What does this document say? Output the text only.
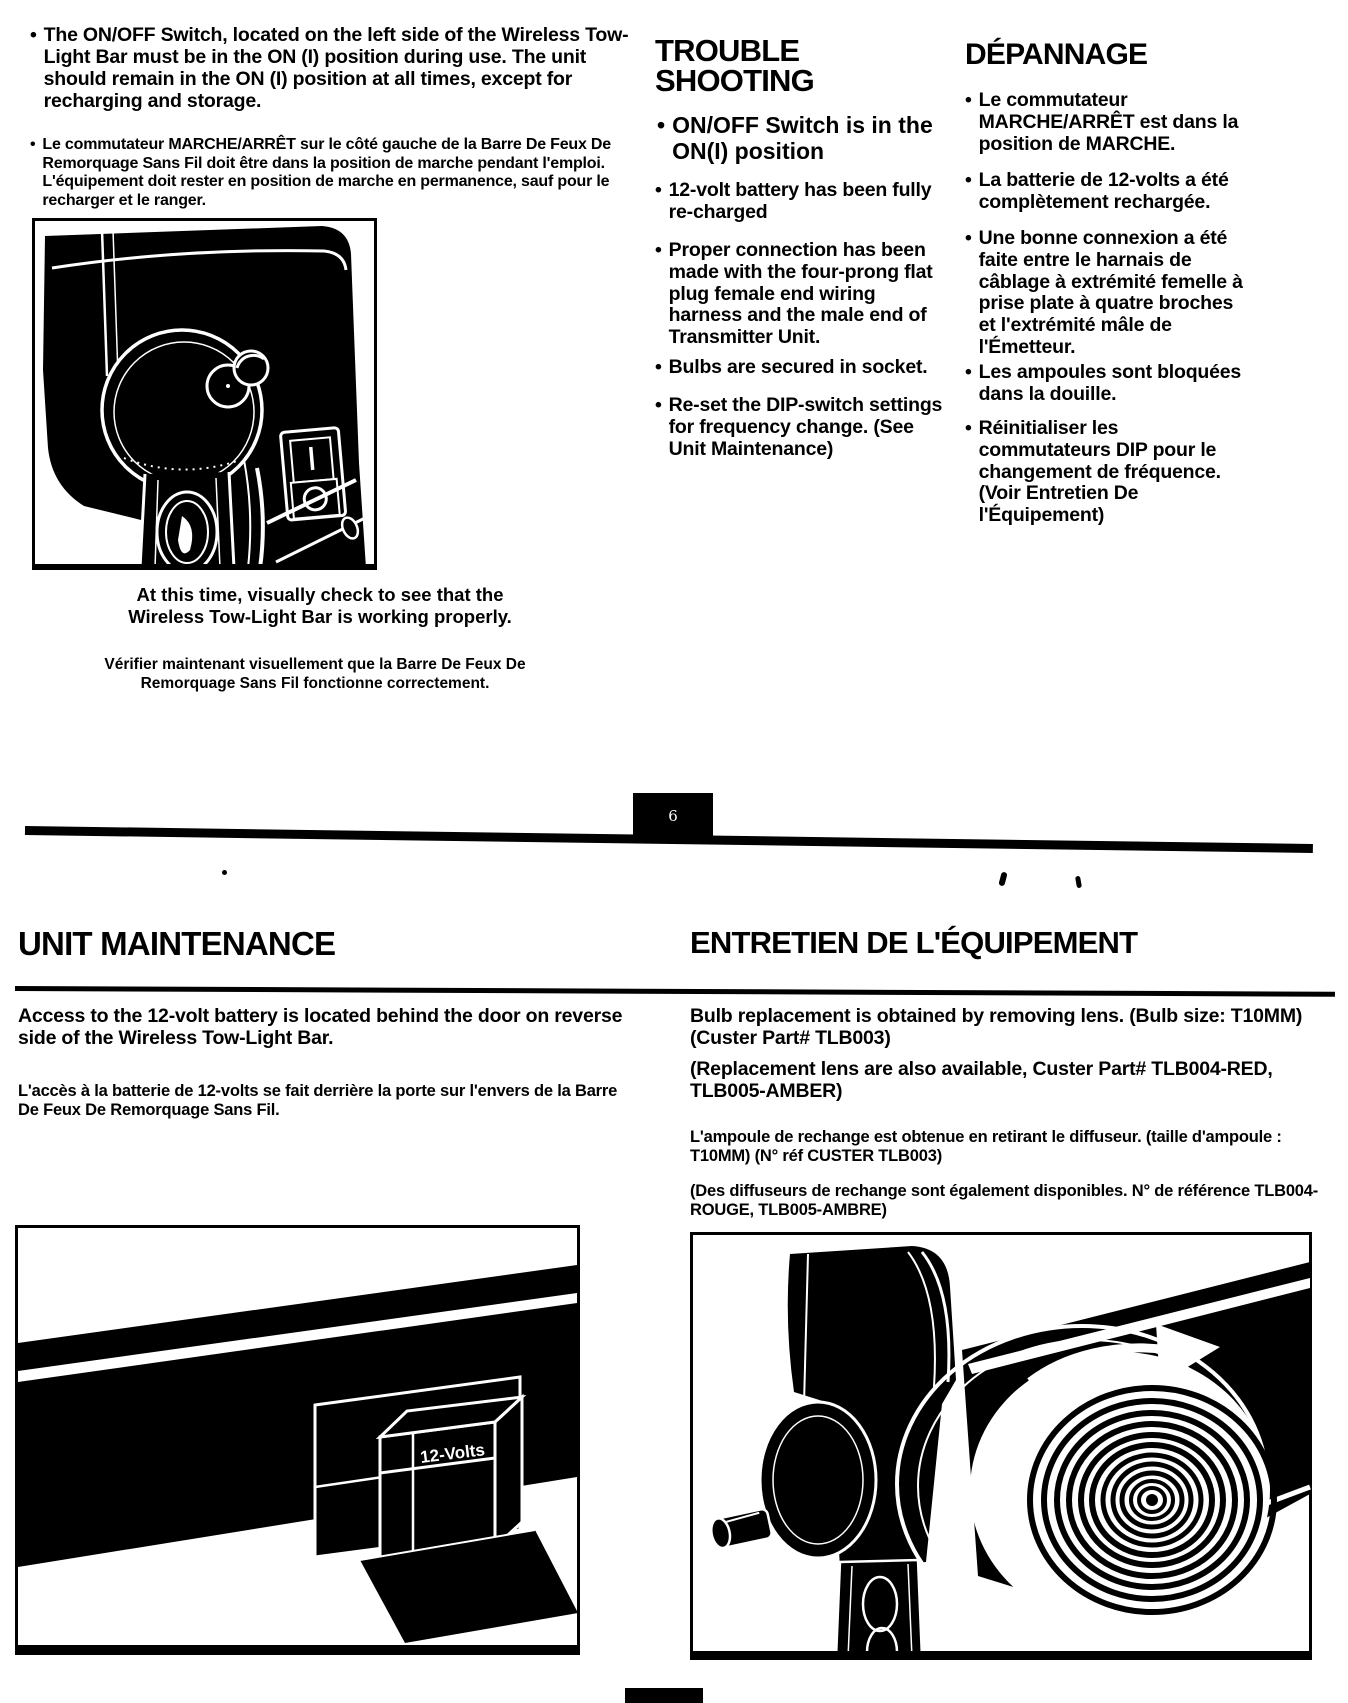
• The ON/OFF Switch, located on the left side of the Wireless Tow-Light Bar must be in the ON (I) position during use. The unit should remain in the ON (I) position at all times, except for recharging and storage.
• Le commutateur MARCHE/ARRÊT sur le côté gauche de la Barre De Feux De Remorquage Sans Fil doit être dans la position de marche pendant l'emploi. L'équipement doit rester en position de marche en permanence, sauf pour le recharger et le ranger.
At this time, visually check to see that the Wireless Tow-Light Bar is working properly.
Vérifier maintenant visuellement que la Barre De Feux De Remorquage Sans Fil fonctionne correctement.
TROUBLE
SHOOTING
• ON/OFF Switch is in the ON(I) position
• 12-volt battery has been fully re-charged
• Proper connection has been made with the four-prong flat plug female end wiring harness and the male end of Transmitter Unit.
• Bulbs are secured in socket.
• Re-set the DIP-switch settings for frequency change. (See Unit Maintenance)
DÉPANNAGE
• Le commutateur MARCHE/ARRÊT est dans la position de MARCHE.
• La batterie de 12-volts a été complètement rechargée.
• Une bonne connexion a été faite entre le harnais de câblage à extrémité femelle à prise plate à quatre broches et l'extrémité mâle de l'Émetteur.
• Les ampoules sont bloquées dans la douille.
• Réinitialiser les commutateurs DIP pour le changement de fréquence. (Voir Entretien De l'Équipement)
6
UNIT MAINTENANCE
Access to the 12-volt battery is located behind the door on reverse side of the Wireless Tow-Light Bar.
L'accès à la batterie de 12-volts se fait derrière la porte sur l'envers de la Barre De Feux De Remorquage Sans Fil.
12-Volts
ENTRETIEN DE L'ÉQUIPEMENT
Bulb replacement is obtained by removing lens. (Bulb size: T10MM) (Custer Part# TLB003)
(Replacement lens are also available, Custer Part# TLB004-RED, TLB005-AMBER)
L'ampoule de rechange est obtenue en retirant le diffuseur. (taille d'ampoule : T10MM) (N° réf CUSTER TLB003)
(Des diffuseurs de rechange sont également disponibles. N° de référence TLB004- ROUGE, TLB005-AMBRE)
